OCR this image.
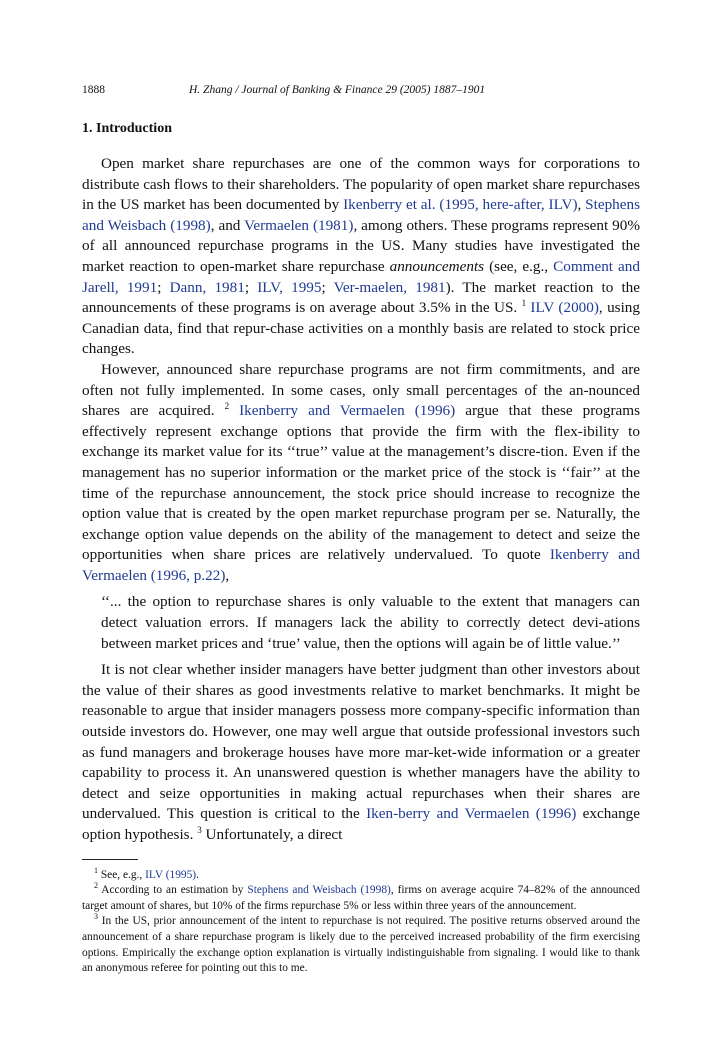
1888	H. Zhang / Journal of Banking & Finance 29 (2005) 1887–1901
1. Introduction

Open market share repurchases are one of the common ways for corporations to distribute cash flows to their shareholders. The popularity of open market share repurchases in the US market has been documented by Ikenberry et al. (1995, here-after, ILV), Stephens and Weisbach (1998), and Vermaelen (1981), among others. These programs represent 90% of all announced repurchase programs in the US. Many studies have investigated the market reaction to open-market share repurchase announcements (see, e.g., Comment and Jarell, 1991; Dann, 1981; ILV, 1995; Ver-maelen, 1981). The market reaction to the announcements of these programs is on average about 3.5% in the US. $^1$ ILV (2000), using Canadian data, find that repur-chase activities on a monthly basis are related to stock price changes.

However, announced share repurchase programs are not firm commitments, and are often not fully implemented. In some cases, only small percentages of the an-nounced shares are acquired. $^2$ Ikenberry and Vermaelen (1996) argue that these programs effectively represent exchange options that provide the firm with the flex-ibility to exchange its market value for its ‘‘true’’ value at the management’s discre-tion. Even if the management has no superior information or the market price of the stock is ‘‘fair’’ at the time of the repurchase announcement, the stock price should increase to recognize the option value that is created by the open market repurchase program per se. Naturally, the exchange option value depends on the ability of the management to detect and seize the opportunities when share prices are relatively undervalued. To quote Ikenberry and Vermaelen (1996, p.22),

‘‘... the option to repurchase shares is only valuable to the extent that managers can detect valuation errors. If managers lack the ability to correctly detect devi-ations between market prices and ‘true’ value, then the options will again be of little value.’’

It is not clear whether insider managers have better judgment than other investors about the value of their shares as good investments relative to market benchmarks. It might be reasonable to argue that insider managers possess more company-specific information than outside investors do. However, one may well argue that outside professional investors such as fund managers and brokerage houses have more mar-ket-wide information or a greater capability to process it. An unanswered question is whether managers have the ability to detect and seize opportunities in making actual repurchases when their shares are undervalued. This question is critical to the Iken-berry and Vermaelen (1996) exchange option hypothesis. $^3$ Unfortunately, a direct

$^1$ See, e.g., ILV (1995).

$^2$ According to an estimation by Stephens and Weisbach (1998), firms on average acquire 74–82% of the announced target amount of shares, but 10% of the firms repurchase 5% or less within three years of the announcement.

$^3$ In the US, prior announcement of the intent to repurchase is not required. The positive returns observed around the announcement of a share repurchase program is likely due to the perceived increased probability of the firm exercising options. Empirically the exchange option explanation is virtually indistinguishable from signaling. I would like to thank an anonymous referee for pointing out this to me.
